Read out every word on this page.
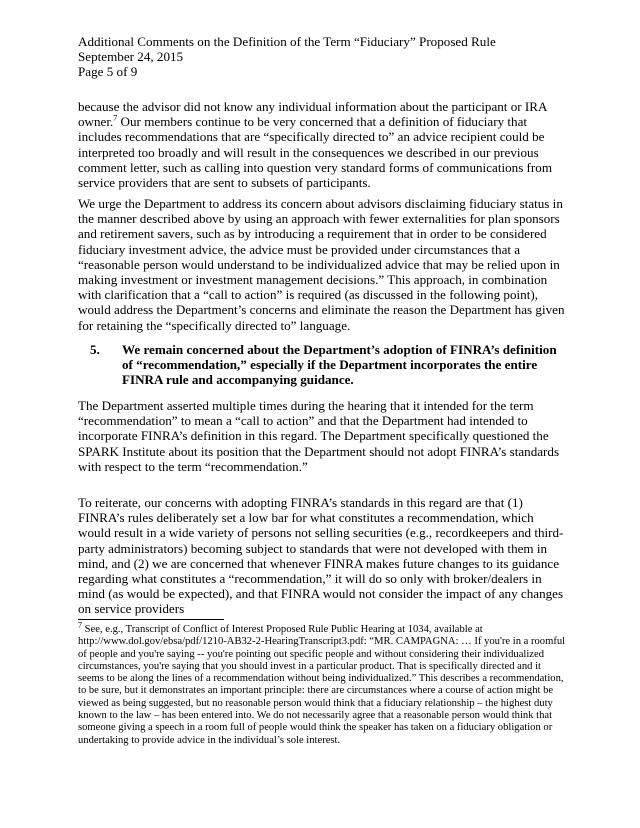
Additional Comments on the Definition of the Term “Fiduciary” Proposed Rule
September 24, 2015
Page 5 of 9

because the advisor did not know any individual information about the participant or IRA owner.$^7$ Our members continue to be very concerned that a definition of fiduciary that includes recommendations that are “specifically directed to” an advice recipient could be interpreted too broadly and will result in the consequences we described in our previous comment letter, such as calling into question very standard forms of communications from service providers that are sent to subsets of participants.

We urge the Department to address its concern about advisors disclaiming fiduciary status in the manner described above by using an approach with fewer externalities for plan sponsors and retirement savers, such as by introducing a requirement that in order to be considered fiduciary investment advice, the advice must be provided under circumstances that a “reasonable person would understand to be individualized advice that may be relied upon in making investment or investment management decisions.” This approach, in combination with clarification that a “call to action” is required (as discussed in the following point), would address the Department’s concerns and eliminate the reason the Department has given for retaining the “specifically directed to” language.

5.	We remain concerned about the Department’s adoption of FINRA’s definition of “recommendation,” especially if the Department incorporates the entire FINRA rule and accompanying guidance.

The Department asserted multiple times during the hearing that it intended for the term “recommendation” to mean a “call to action” and that the Department had intended to incorporate FINRA’s definition in this regard. The Department specifically questioned the SPARK Institute about its position that the Department should not adopt FINRA’s standards with respect to the term “recommendation.”

To reiterate, our concerns with adopting FINRA’s standards in this regard are that (1) FINRA’s rules deliberately set a low bar for what constitutes a recommendation, which would result in a wide variety of persons not selling securities (e.g., recordkeepers and third-party administrators) becoming subject to standards that were not developed with them in mind, and (2) we are concerned that whenever FINRA makes future changes to its guidance regarding what constitutes a “recommendation,” it will do so only with broker/dealers in mind (as would be expected), and that FINRA would not consider the impact of any changes on service providers

$^7$ See, e.g., Transcript of Conflict of Interest Proposed Rule Public Hearing at 1034, available at http://www.dol.gov/ebsa/pdf/1210-AB32-2-HearingTranscript3.pdf: “MR. CAMPAGNA: … If you're in a roomful of people and you're saying -- you're pointing out specific people and without considering their individualized circumstances, you're saying that you should invest in a particular product. That is specifically directed and it seems to be along the lines of a recommendation without being individualized.” This describes a recommendation, to be sure, but it demonstrates an important principle: there are circumstances where a course of action might be viewed as being suggested, but no reasonable person would think that a fiduciary relationship – the highest duty known to the law – has been entered into. We do not necessarily agree that a reasonable person would think that someone giving a speech in a room full of people would think the speaker has taken on a fiduciary obligation or undertaking to provide advice in the individual’s sole interest.
